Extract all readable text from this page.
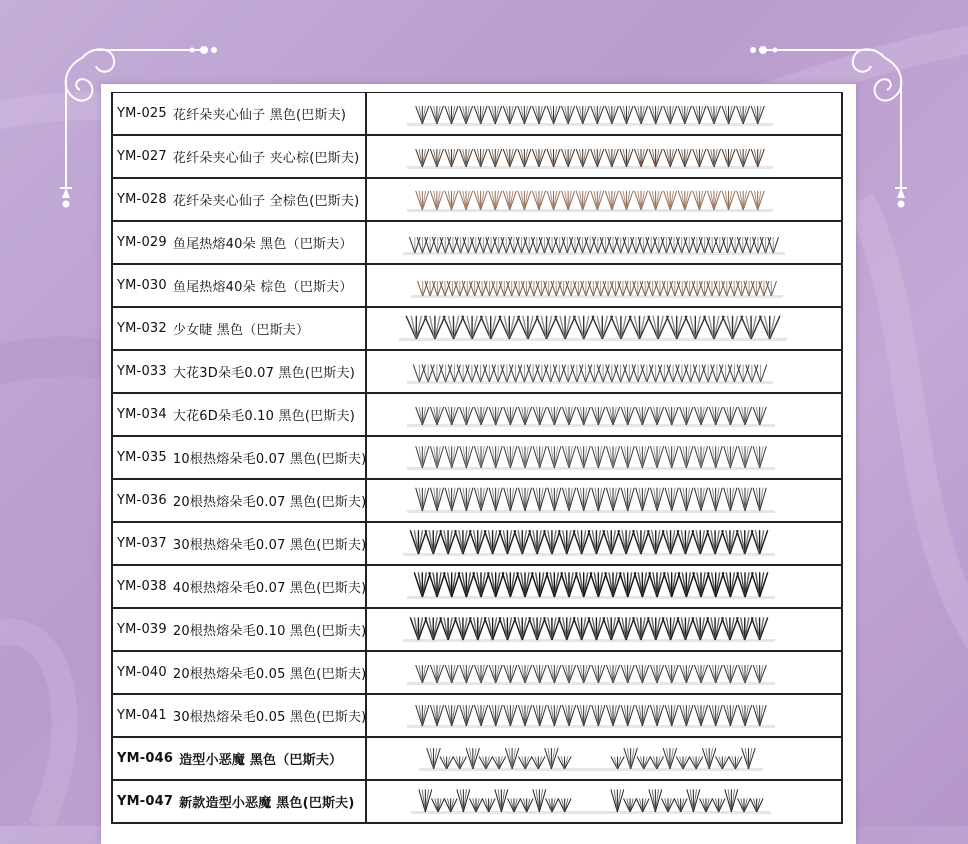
YM-025 花纤朵夹心仙子 黑色(巴斯夫)
YM-027 花纤朵夹心仙子 夹心棕(巴斯夫)
YM-028 花纤朵夹心仙子 全棕色(巴斯夫)
YM-029 鱼尾热熔40朵 黑色（巴斯夫）
YM-030 鱼尾热熔40朵 棕色（巴斯夫）
YM-032 少女睫 黑色（巴斯夫）
YM-033 大花3D朵毛0.07 黑色(巴斯夫)
YM-034 大花6D朵毛0.10 黑色(巴斯夫)
YM-035 10根热熔朵毛0.07 黑色(巴斯夫)
YM-036 20根热熔朵毛0.07 黑色(巴斯夫)
YM-037 30根热熔朵毛0.07 黑色(巴斯夫)
YM-038 40根热熔朵毛0.07 黑色(巴斯夫)
YM-039 20根热熔朵毛0.10 黑色(巴斯夫)
YM-040 20根热熔朵毛0.05 黑色(巴斯夫)
YM-041 30根热熔朵毛0.05 黑色(巴斯夫)
YM-046 造型小恶魔 黑色（巴斯夫）
YM-047 新款造型小恶魔 黑色(巴斯夫)
